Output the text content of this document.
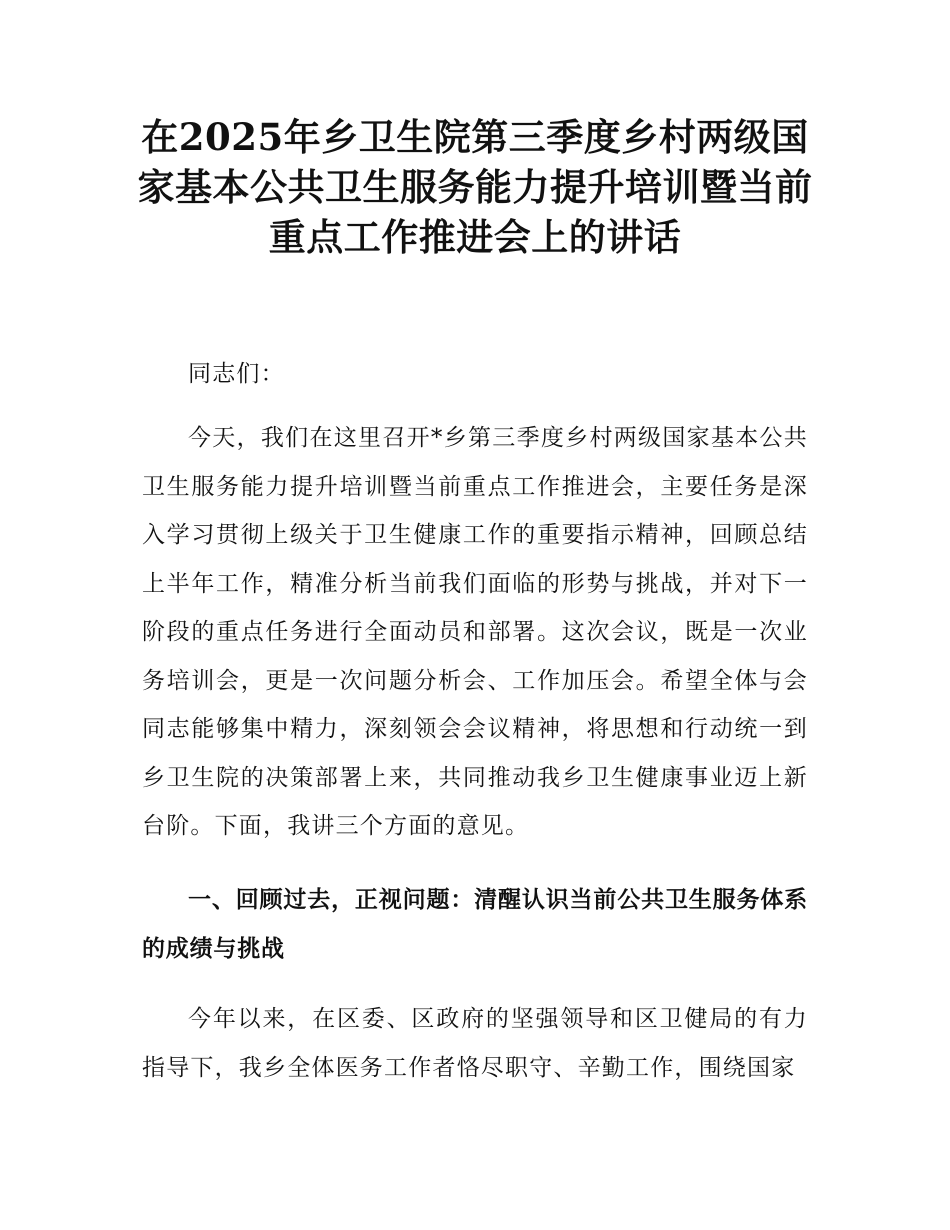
在2025年乡卫生院第三季度乡村两级国家基本公共卫生服务能力提升培训暨当前重点工作推进会上的讲话

同志们：

今天，我们在这里召开*乡第三季度乡村两级国家基本公共卫生服务能力提升培训暨当前重点工作推进会，主要任务是深入学习贯彻上级关于卫生健康工作的重要指示精神，回顾总结上半年工作，精准分析当前我们面临的形势与挑战，并对下一阶段的重点任务进行全面动员和部署。这次会议，既是一次业务培训会，更是一次问题分析会、工作加压会。希望全体与会同志能够集中精力，深刻领会会议精神，将思想和行动统一到乡卫生院的决策部署上来，共同推动我乡卫生健康事业迈上新台阶。下面，我讲三个方面的意见。

一、回顾过去，正视问题：清醒认识当前公共卫生服务体系的成绩与挑战

今年以来，在区委、区政府的坚强领导和区卫健局的有力指导下，我乡全体医务工作者恪尽职守、辛勤工作，围绕国家
